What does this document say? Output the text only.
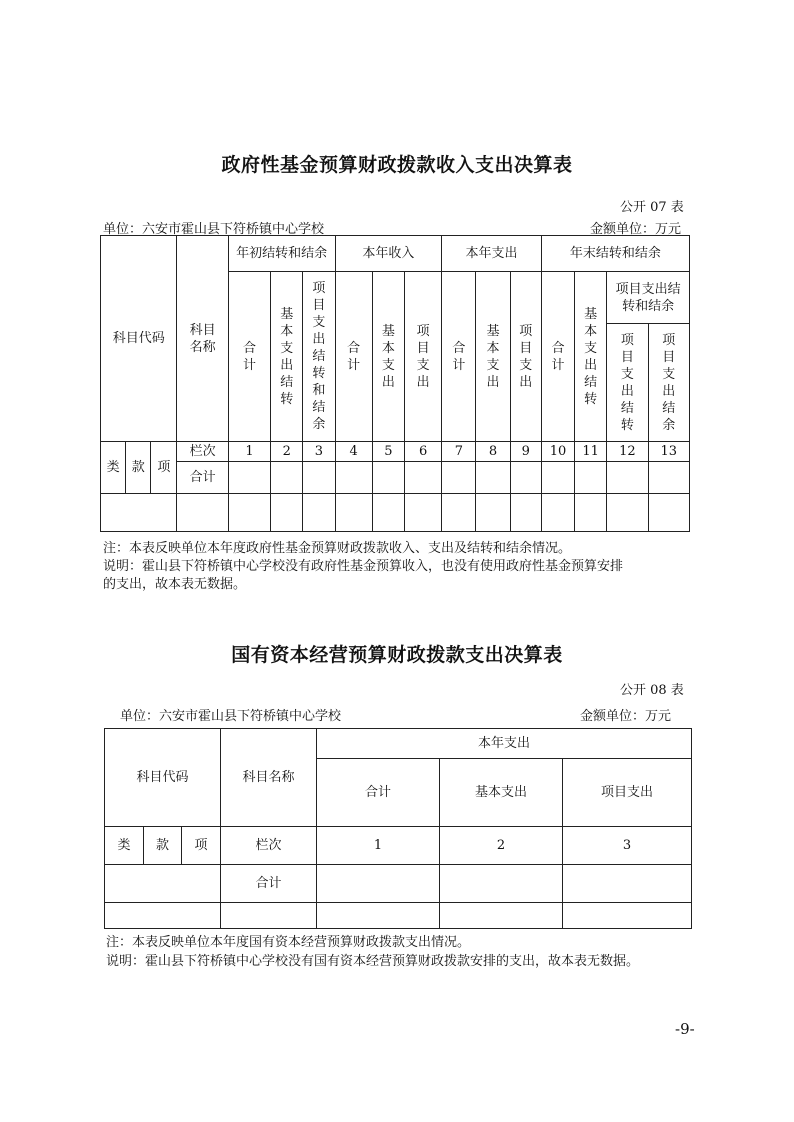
政府性基金预算财政拨款收入支出决算表
公开 07 表
单位：六安市霍山县下符桥镇中心学校	金额单位：万元
科目代码			科目名称	年初结转和结余			本年收入			本年支出			年末结转和结余			
				合计	基本支出结转	项目支出结转和结余	合计	基本支出	项目支出	合计	基本支出	项目支出	合计	基本支出结转	项目支出结转和结余	
															项目支出结转	项目支出结余
类	款	项	栏次	1	2	3	4	5	6	7	8	9	10	11	12	13
			合计													

注：本表反映单位本年度政府性基金预算财政拨款收入、支出及结转和结余情况。
说明：霍山县下符桥镇中心学校没有政府性基金预算收入，也没有使用政府性基金预算安排
的支出，故本表无数据。
国有资本经营预算财政拨款支出决算表
公开 08 表
单位：六安市霍山县下符桥镇中心学校	金额单位：万元
科目代码			科目名称	本年支出		
				合计	基本支出	项目支出
类	款	项	栏次	1	2	3
			合计			

注：本表反映单位本年度国有资本经营预算财政拨款支出情况。
说明：霍山县下符桥镇中心学校没有国有资本经营预算财政拨款安排的支出，故本表无数据。
-9-
